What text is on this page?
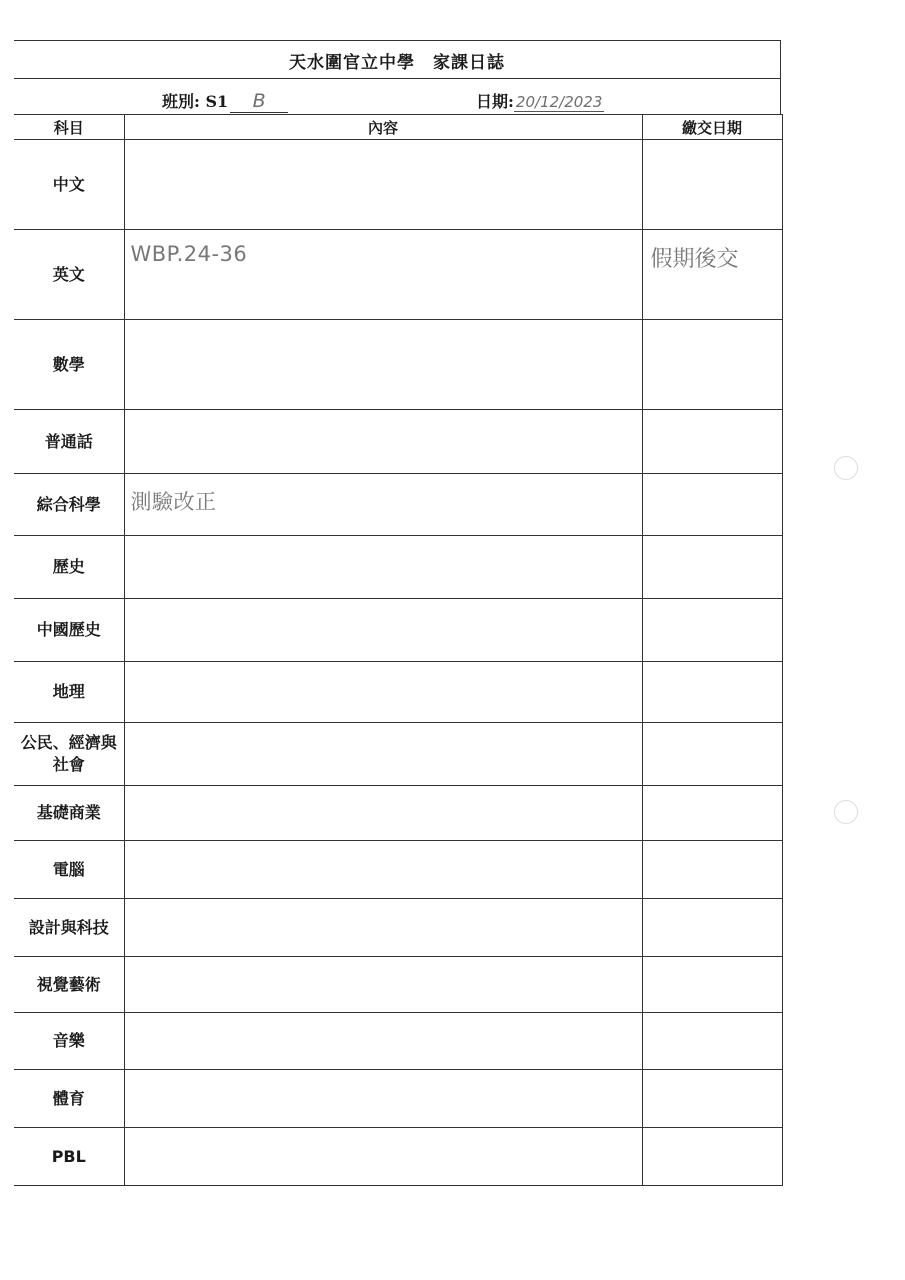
天水圍官立中學　家課日誌
班別: S1 B	日期: 20/12/2023
科目	內容	繳交日期
中文	

英文	WBP.24-36	假期後交

數學	

普通話	

綜合科學	測驗改正	

歷史	

中國歷史	

地理	

公民、經濟與社會	

基礎商業	

電腦	

設計與科技	

視覺藝術	

音樂	

體育	

PBL	
